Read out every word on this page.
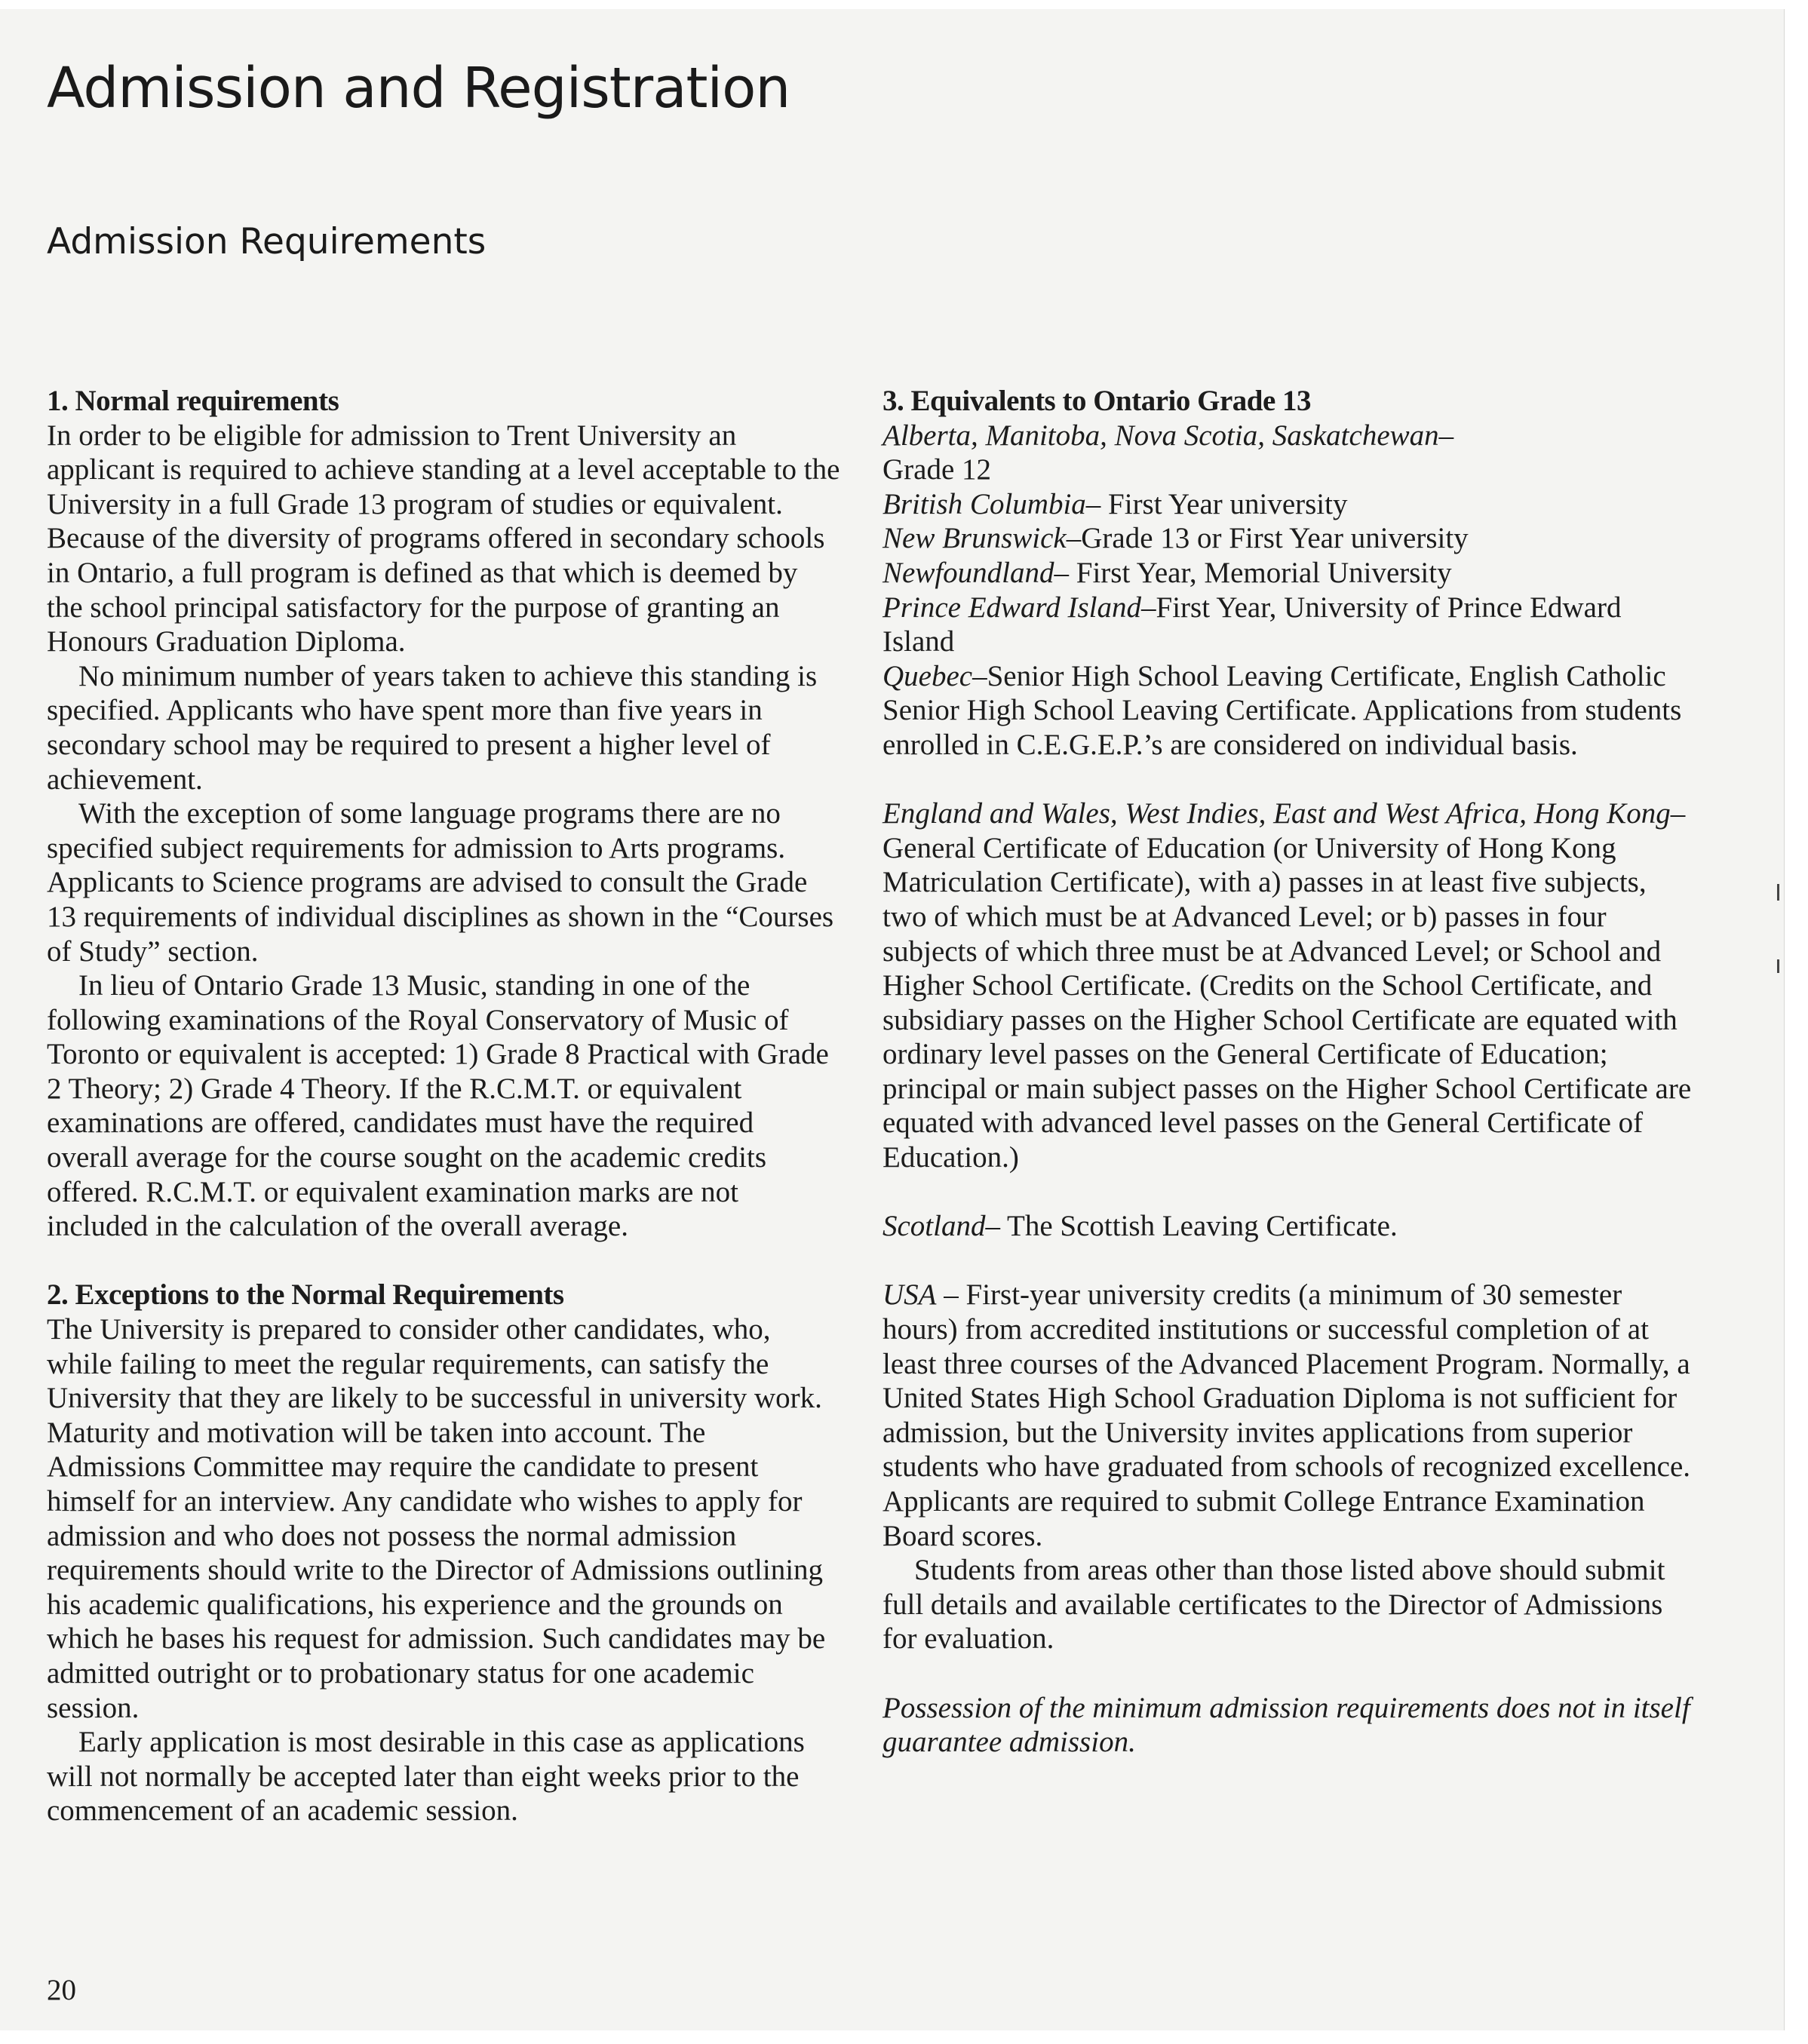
Admission and Registration
Admission Requirements

1. Normal requirements

In order to be eligible for admission to Trent University an applicant is required to achieve standing at a level acceptable to the University in a full Grade 13 program of studies or equivalent. Because of the diversity of programs offered in secondary schools in Ontario, a full program is defined as that which is deemed by the school principal satisfactory for the purpose of granting an Honours Graduation Diploma.

No minimum number of years taken to achieve this standing is specified. Applicants who have spent more than five years in secondary school may be required to present a higher level of achievement.

With the exception of some language programs there are no specified subject requirements for admission to Arts programs. Applicants to Science programs are advised to consult the Grade 13 requirements of individual disciplines as shown in the “Courses of Study” section.

In lieu of Ontario Grade 13 Music, standing in one of the following examinations of the Royal Conservatory of Music of Toronto or equivalent is accepted: 1) Grade 8 Practical with Grade 2 Theory; 2) Grade 4 Theory. If the R.C.M.T. or equivalent examinations are offered, candidates must have the required overall average for the course sought on the academic credits offered. R.C.M.T. or equivalent examination marks are not included in the calculation of the overall average.

2. Exceptions to the Normal Requirements

The University is prepared to consider other candidates, who, while failing to meet the regular requirements, can satisfy the University that they are likely to be successful in university work. Maturity and motivation will be taken into account. The Admissions Committee may require the candidate to present himself for an interview. Any candidate who wishes to apply for admission and who does not possess the normal admission requirements should write to the Director of Admissions outlining his academic qualifications, his experience and the grounds on which he bases his request for admission. Such candidates may be admitted outright or to probationary status for one academic session.

Early application is most desirable in this case as applications will not normally be accepted later than eight weeks prior to the commencement of an academic session.

3. Equivalents to Ontario Grade 13

Alberta, Manitoba, Nova Scotia, Saskatchewan–
Grade 12

British Columbia– First Year university

New Brunswick–Grade 13 or First Year university

Newfoundland– First Year, Memorial University

Prince Edward Island–First Year, University of Prince Edward Island

Quebec–Senior High School Leaving Certificate, English Catholic Senior High School Leaving Certificate. Applications from students enrolled in C.E.G.E.P.’s are considered on individual basis.

England and Wales, West Indies, East and West Africa, Hong Kong–General Certificate of Education (or University of Hong Kong Matriculation Certificate), with a) passes in at least five subjects, two of which must be at Advanced Level; or b) passes in four subjects of which three must be at Advanced Level; or School and Higher School Certificate. (Credits on the School Certificate, and subsidiary passes on the Higher School Certificate are equated with ordinary level passes on the General Certificate of Education; principal or main subject passes on the Higher School Certificate are equated with advanced level passes on the General Certificate of Education.)

Scotland– The Scottish Leaving Certificate.

USA – First-year university credits (a minimum of 30 semester hours) from accredited institutions or successful completion of at least three courses of the Advanced Placement Program. Normally, a United States High School Graduation Diploma is not sufficient for admission, but the University invites applications from superior students who have graduated from schools of recognized excellence. Applicants are required to submit College Entrance Examination Board scores.

Students from areas other than those listed above should submit full details and available certificates to the Director of Admissions for evaluation.

Possession of the minimum admission requirements does not in itself guarantee admission.

20
